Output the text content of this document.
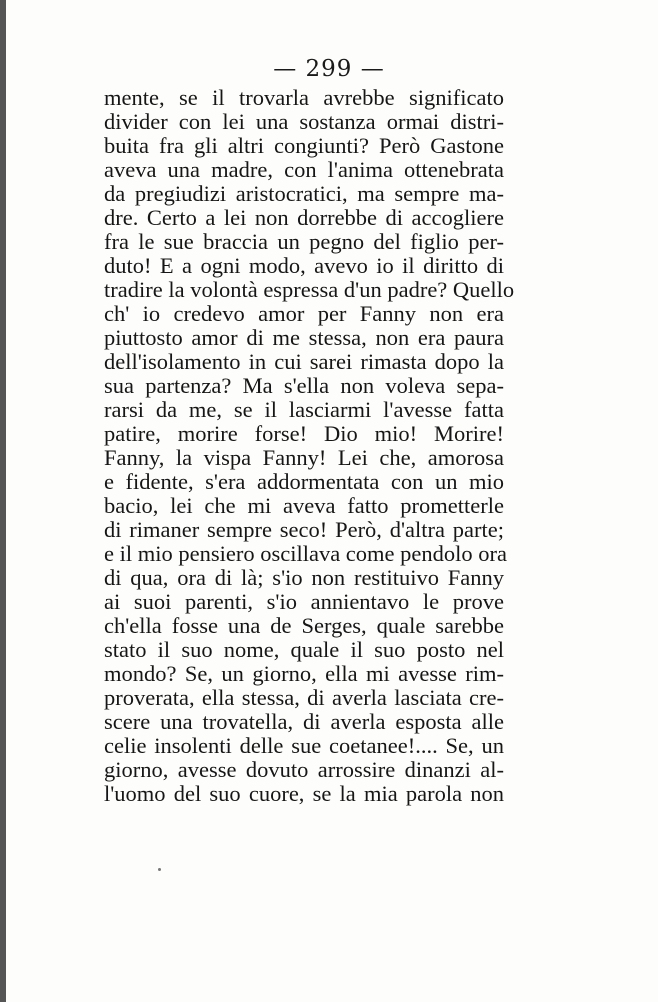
— 299 —
mente, se il trovarla avrebbe significato
divider con lei una sostanza ormai distri-
buita fra gli altri congiunti? Però Gastone
aveva una madre, con l'anima ottenebrata
da pregiudizi aristocratici, ma sempre ma-
dre. Certo a lei non dorrebbe di accogliere
fra le sue braccia un pegno del figlio per-
duto! E a ogni modo, avevo io il diritto di
tradire la volontà espressa d'un padre? Quello
ch' io credevo amor per Fanny non era
piuttosto amor di me stessa, non era paura
dell'isolamento in cui sarei rimasta dopo la
sua partenza? Ma s'ella non voleva sepa-
rarsi da me, se il lasciarmi l'avesse fatta
patire, morire forse! Dio mio! Morire!
Fanny, la vispa Fanny! Lei che, amorosa
e fidente, s'era addormentata con un mio
bacio, lei che mi aveva fatto prometterle
di rimaner sempre seco! Però, d'altra parte;
e il mio pensiero oscillava come pendolo ora
di qua, ora di là; s'io non restituivo Fanny
ai suoi parenti, s'io annientavo le prove
ch'ella fosse una de Serges, quale sarebbe
stato il suo nome, quale il suo posto nel
mondo? Se, un giorno, ella mi avesse rim-
proverata, ella stessa, di averla lasciata cre-
scere una trovatella, di averla esposta alle
celie insolenti delle sue coetanee!.... Se, un
giorno, avesse dovuto arrossire dinanzi al-
l'uomo del suo cuore, se la mia parola non
